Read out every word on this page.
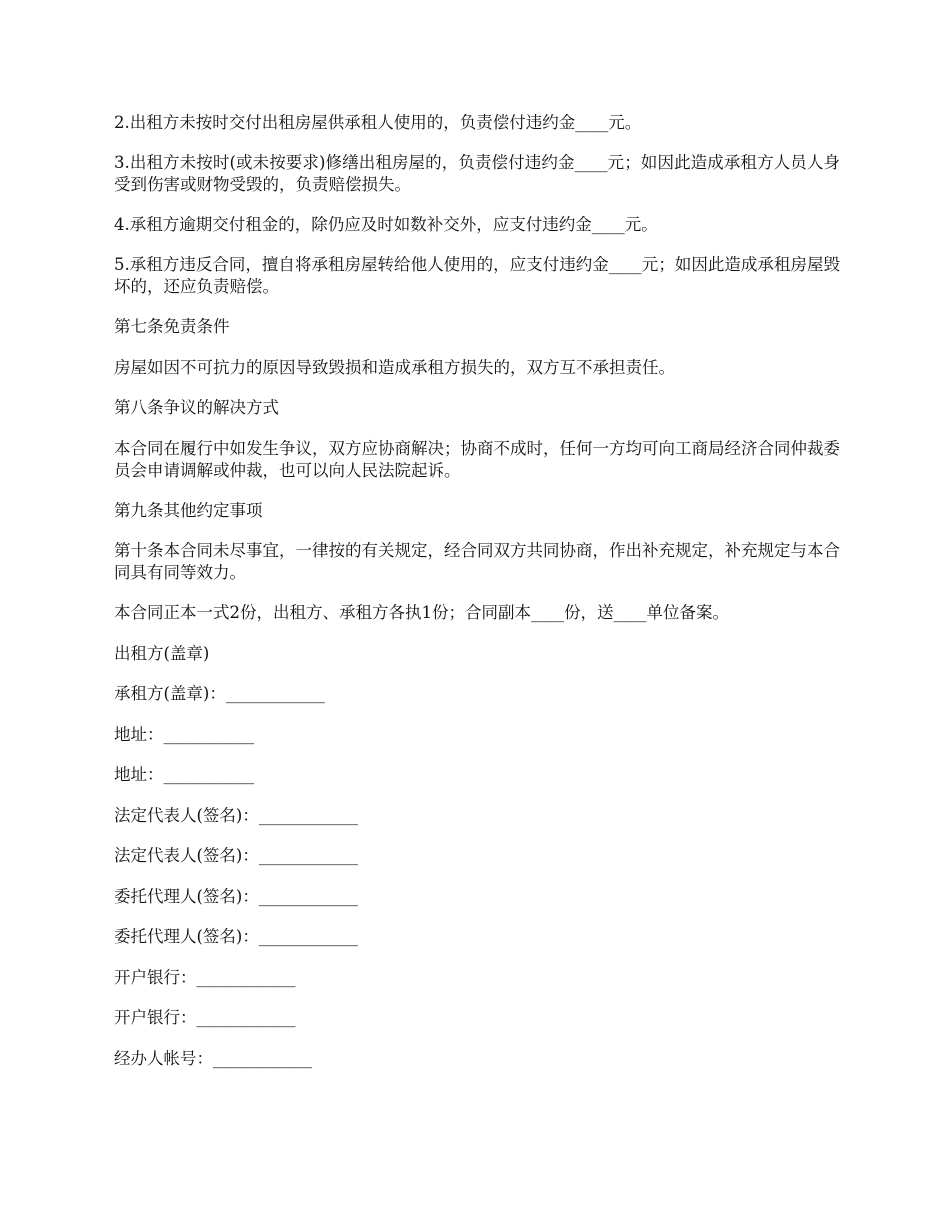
2.出租方未按时交付出租房屋供承租人使用的，负责偿付违约金____元。

3.出租方未按时(或未按要求)修缮出租房屋的，负责偿付违约金____元；如因此造成承租方人员人身受到伤害或财物受毁的，负责赔偿损失。

4.承租方逾期交付租金的，除仍应及时如数补交外，应支付违约金____元。

5.承租方违反合同，擅自将承租房屋转给他人使用的，应支付违约金____元；如因此造成承租房屋毁坏的，还应负责赔偿。

第七条免责条件

房屋如因不可抗力的原因导致毁损和造成承租方损失的，双方互不承担责任。

第八条争议的解决方式

本合同在履行中如发生争议，双方应协商解决；协商不成时，任何一方均可向工商局经济合同仲裁委员会申请调解或仲裁，也可以向人民法院起诉。

第九条其他约定事项

第十条本合同未尽事宜，一律按的有关规定，经合同双方共同协商，作出补充规定，补充规定与本合同具有同等效力。

本合同正本一式2份，出租方、承租方各执1份；合同副本____份，送____单位备案。

出租方(盖章)

承租方(盖章)：____________

地址：___________

地址：___________

法定代表人(签名)：____________

法定代表人(签名)：____________

委托代理人(签名)：____________

委托代理人(签名)：____________

开户银行：____________

开户银行：____________

经办人帐号：____________
